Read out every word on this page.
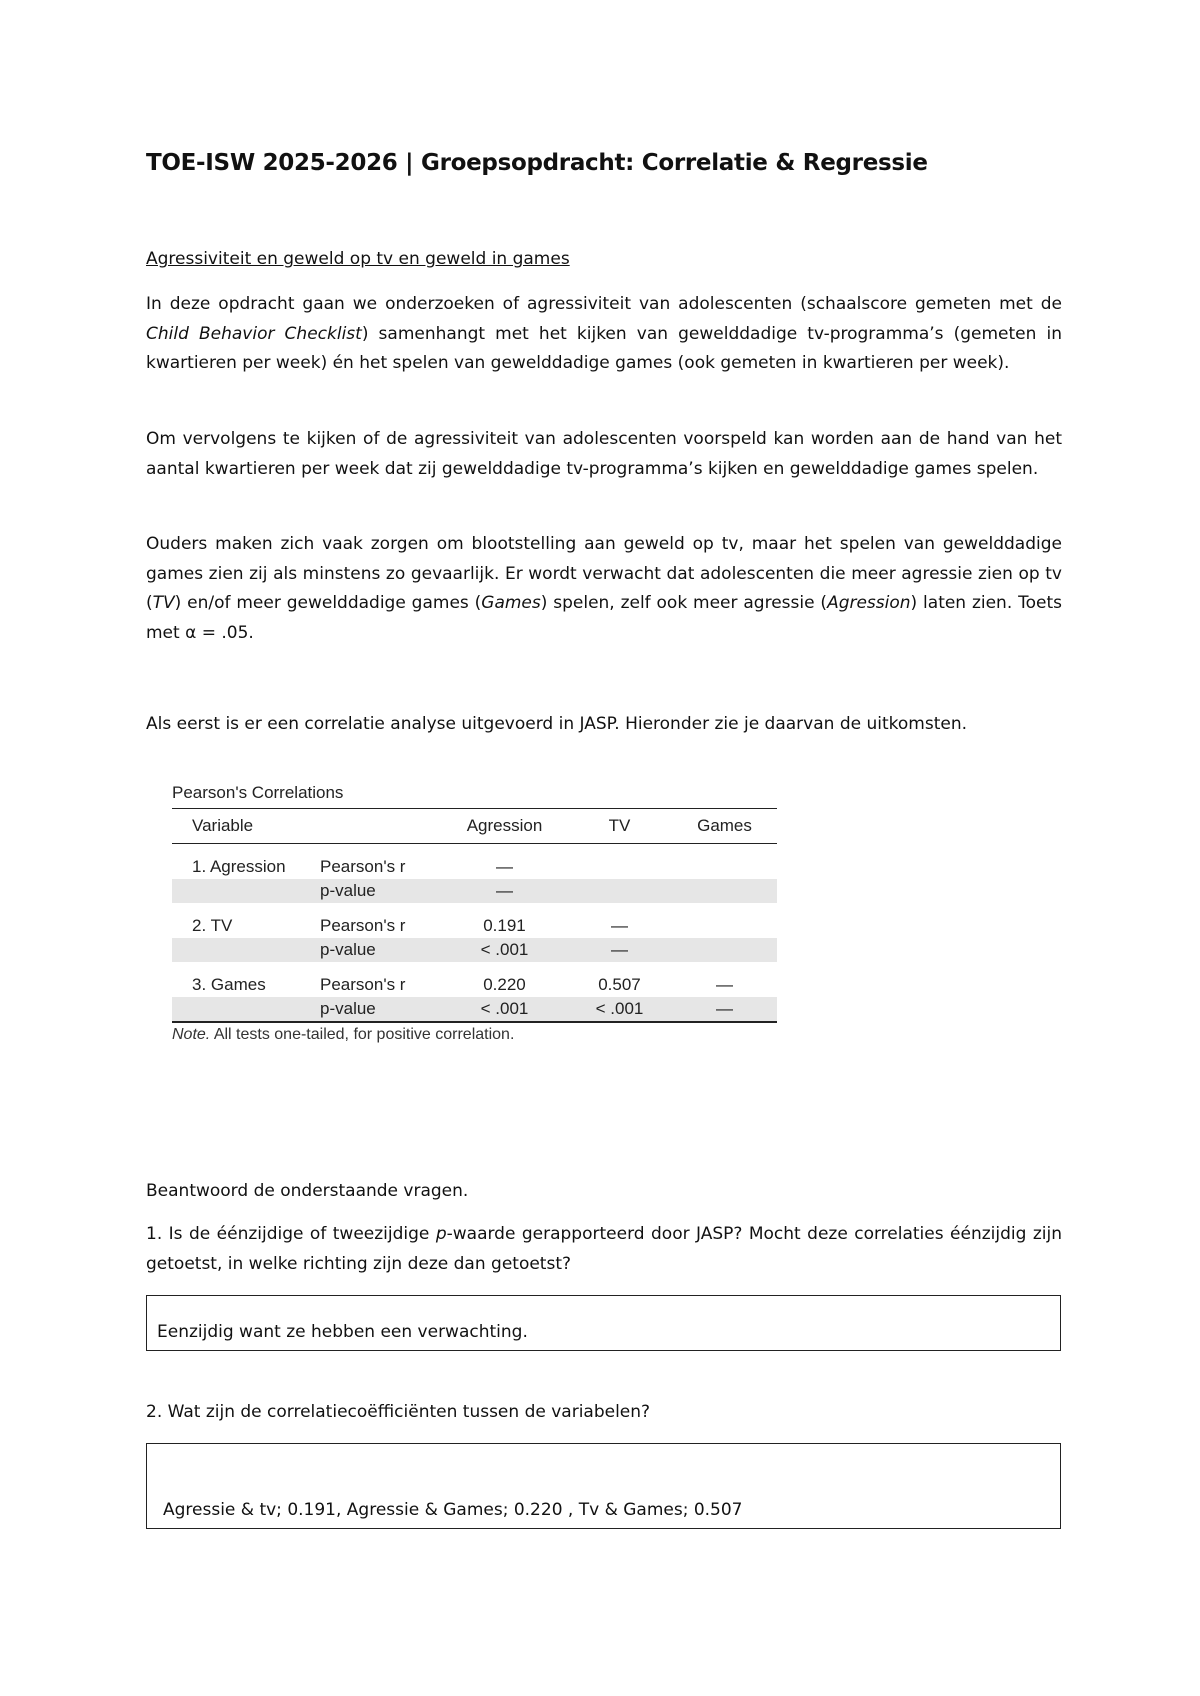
TOE-ISW 2025-2026 | Groepsopdracht: Correlatie & Regressie
Agressiviteit en geweld op tv en geweld in games

In deze opdracht gaan we onderzoeken of agressiviteit van adolescenten (schaalscore gemeten met de Child Behavior Checklist) samenhangt met het kijken van gewelddadige tv-programma’s (gemeten in kwartieren per week) én het spelen van gewelddadige games (ook gemeten in kwartieren per week).

Om vervolgens te kijken of de agressiviteit van adolescenten voorspeld kan worden aan de hand van het aantal kwartieren per week dat zij gewelddadige tv-programma’s kijken en gewelddadige games spelen.

Ouders maken zich vaak zorgen om blootstelling aan geweld op tv, maar het spelen van gewelddadige games zien zij als minstens zo gevaarlijk. Er wordt verwacht dat adolescenten die meer agressie zien op tv (TV) en/of meer gewelddadige games (Games) spelen, zelf ook meer agressie (Agression) laten zien. Toets met α = .05.

Als eerst is er een correlatie analyse uitgevoerd in JASP. Hieronder zie je daarvan de uitkomsten.

Pearson's Correlations
Variable		Agression	TV	Games

1. Agression	Pearson's r	—		
	p-value	—		

2. TV	Pearson's r	0.191	—	
	p-value	< .001	—	

3. Games	Pearson's r	0.220	0.507	—
	p-value	< .001	< .001	—
Note. All tests one-tailed, for positive correlation.

Beantwoord de onderstaande vragen.

1. Is de éénzijdige of tweezijdige p-waarde gerapporteerd door JASP? Mocht deze correlaties éénzijdig zijn getoetst, in welke richting zijn deze dan getoetst?

Eenzijdig want ze hebben een verwachting.

2. Wat zijn de correlatiecoëfficiënten tussen de variabelen?

Agressie & tv; 0.191, Agressie & Games; 0.220 , Tv & Games; 0.507
